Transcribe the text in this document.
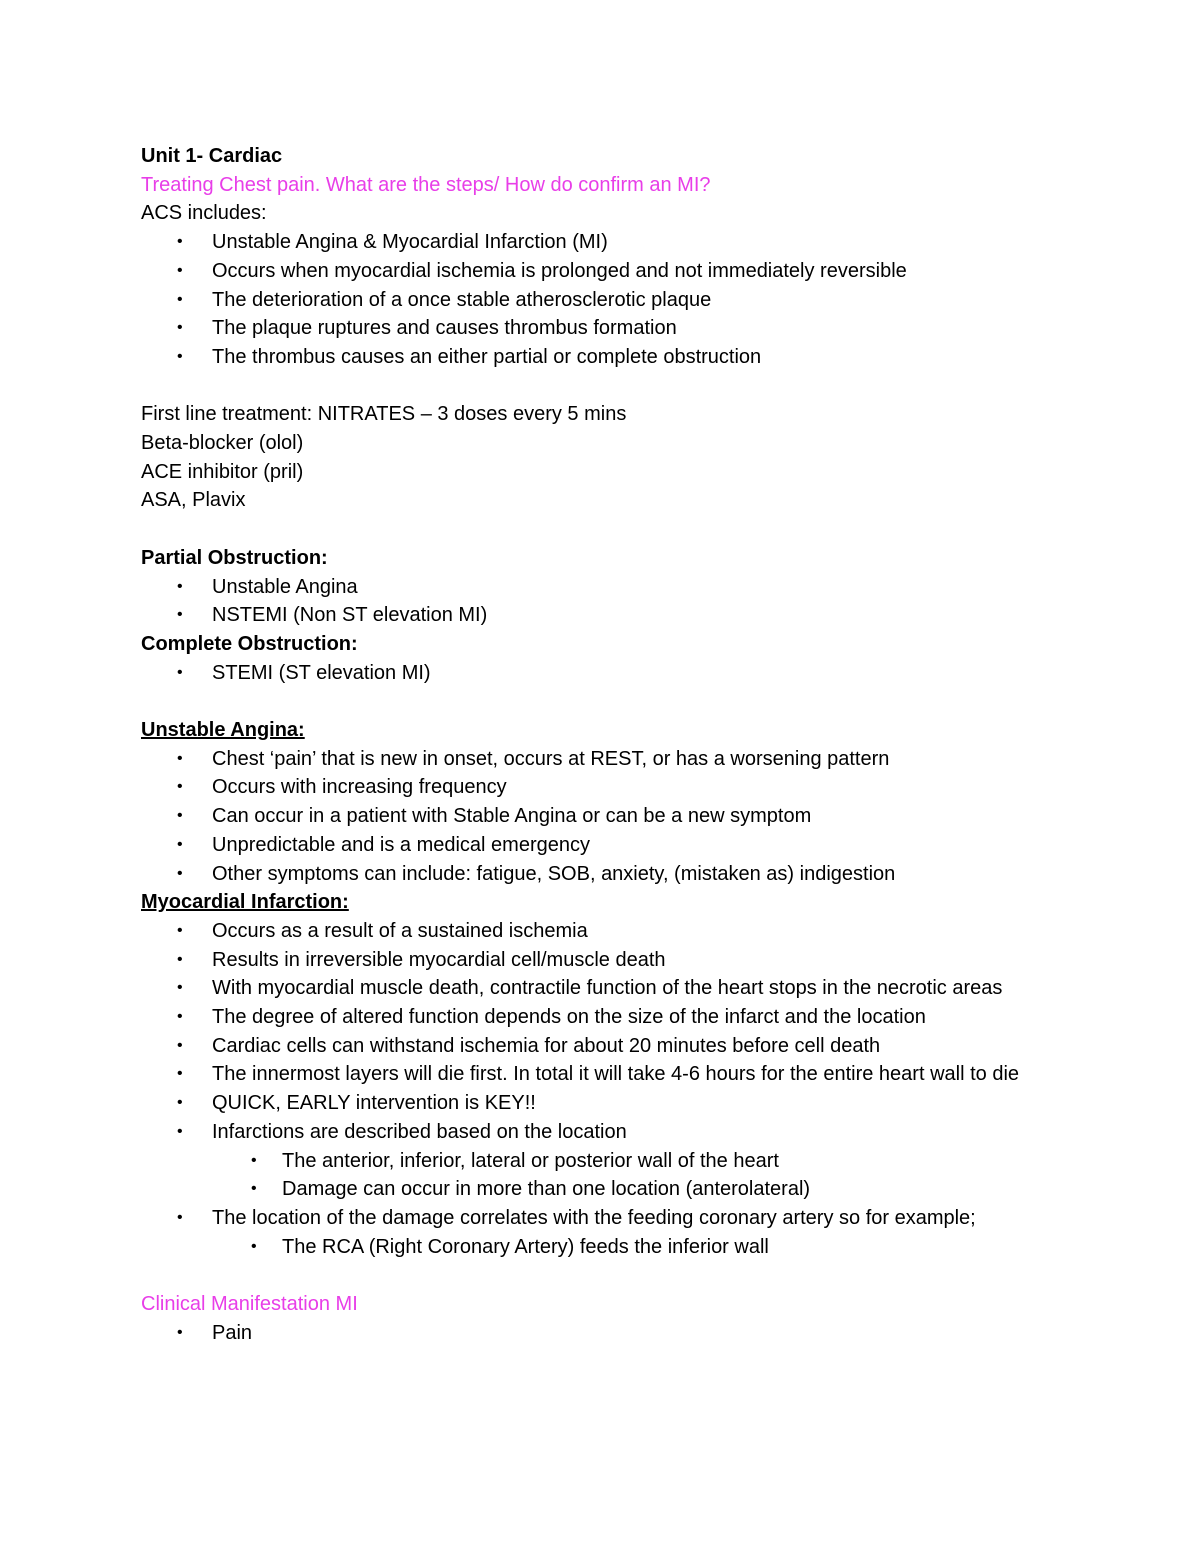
Unit 1- Cardiac

Treating Chest pain. What are the steps/ How do confirm an MI?

ACS includes:

• Unstable Angina & Myocardial Infarction (MI)
• Occurs when myocardial ischemia is prolonged and not immediately reversible
• The deterioration of a once stable atherosclerotic plaque
• The plaque ruptures and causes thrombus formation
• The thrombus causes an either partial or complete obstruction

First line treatment: NITRATES – 3 doses every 5 mins

Beta-blocker (olol)

ACE inhibitor (pril)

ASA, Plavix

Partial Obstruction:

• Unstable Angina
• NSTEMI (Non ST elevation MI)

Complete Obstruction:

• STEMI (ST elevation MI)

Unstable Angina:

• Chest ‘pain’ that is new in onset, occurs at REST, or has a worsening pattern
• Occurs with increasing frequency
• Can occur in a patient with Stable Angina or can be a new symptom
• Unpredictable and is a medical emergency
• Other symptoms can include: fatigue, SOB, anxiety, (mistaken as) indigestion

Myocardial Infarction:

• Occurs as a result of a sustained ischemia
• Results in irreversible myocardial cell/muscle death
• With myocardial muscle death, contractile function of the heart stops in the necrotic areas
• The degree of altered function depends on the size of the infarct and the location
• Cardiac cells can withstand ischemia for about 20 minutes before cell death
• The innermost layers will die first. In total it will take 4-6 hours for the entire heart wall to die
• QUICK, EARLY intervention is KEY!!
• Infarctions are described based on the location
• The anterior, inferior, lateral or posterior wall of the heart
• Damage can occur in more than one location (anterolateral)
• The location of the damage correlates with the feeding coronary artery so for example;
• The RCA (Right Coronary Artery) feeds the inferior wall

Clinical Manifestation MI

• Pain
